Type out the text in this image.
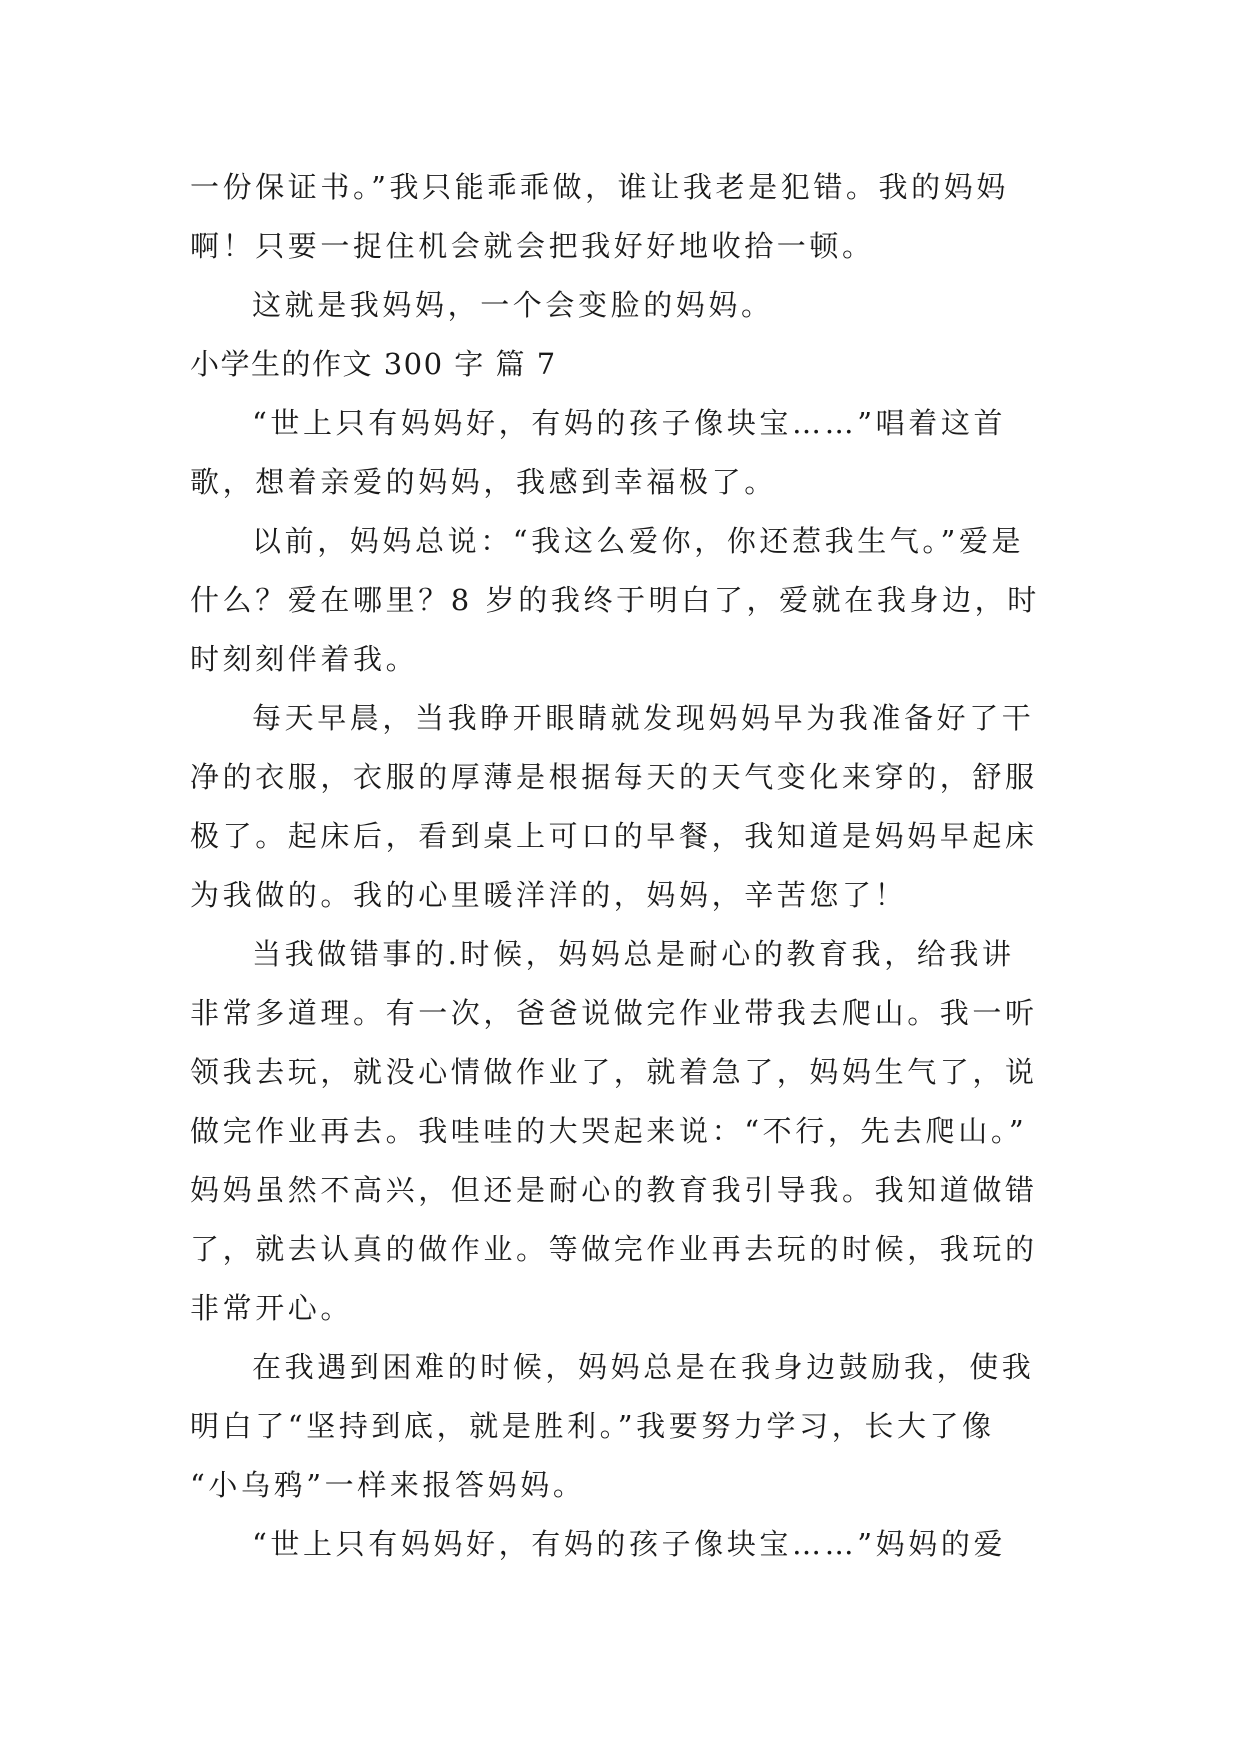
一份保证书。”我只能乖乖做，谁让我老是犯错。我的妈妈
啊！只要一捉住机会就会把我好好地收拾一顿。
这就是我妈妈，一个会变脸的妈妈。
小学生的作文 300 字 篇 7
“世上只有妈妈好，有妈的孩子像块宝……”唱着这首
歌，想着亲爱的妈妈，我感到幸福极了。
以前，妈妈总说：“我这么爱你，你还惹我生气。”爱是
什么？爱在哪里？8 岁的我终于明白了，爱就在我身边，时
时刻刻伴着我。
每天早晨，当我睁开眼睛就发现妈妈早为我准备好了干
净的衣服，衣服的厚薄是根据每天的天气变化来穿的，舒服
极了。起床后，看到桌上可口的早餐，我知道是妈妈早起床
为我做的。我的心里暖洋洋的，妈妈，辛苦您了！
当我做错事的.时候，妈妈总是耐心的教育我，给我讲
非常多道理。有一次，爸爸说做完作业带我去爬山。我一听
领我去玩，就没心情做作业了，就着急了，妈妈生气了，说
做完作业再去。我哇哇的大哭起来说：“不行，先去爬山。”
妈妈虽然不高兴，但还是耐心的教育我引导我。我知道做错
了，就去认真的做作业。等做完作业再去玩的时候，我玩的
非常开心。
在我遇到困难的时候，妈妈总是在我身边鼓励我，使我
明白了“坚持到底，就是胜利。”我要努力学习，长大了像
“小乌鸦”一样来报答妈妈。
“世上只有妈妈好，有妈的孩子像块宝……”妈妈的爱
